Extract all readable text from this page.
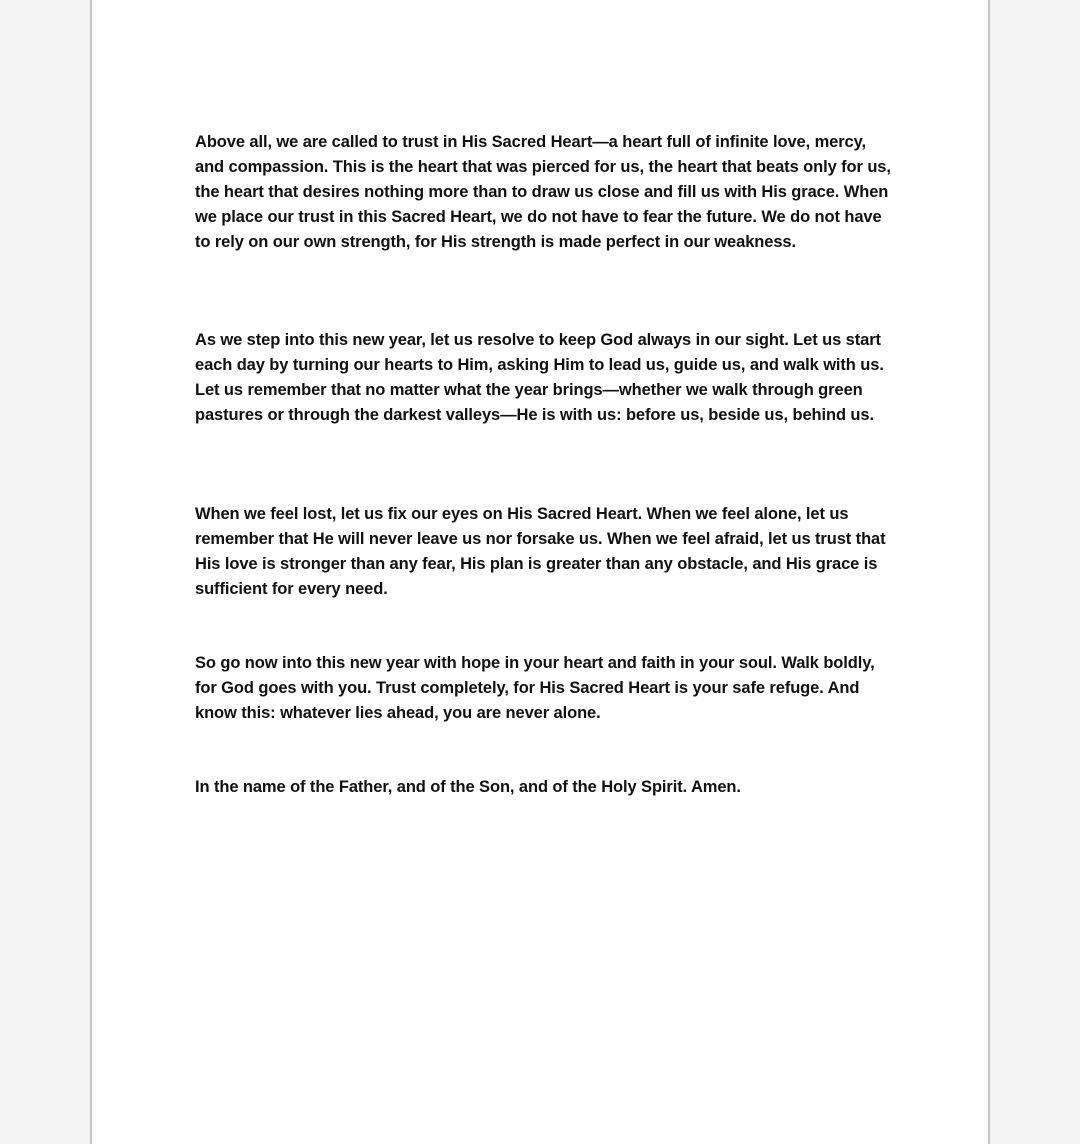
Above all, we are called to trust in His Sacred Heart—a heart full of infinite love, mercy, and compassion. This is the heart that was pierced for us, the heart that beats only for us, the heart that desires nothing more than to draw us close and fill us with His grace. When we place our trust in this Sacred Heart, we do not have to fear the future. We do not have to rely on our own strength, for His strength is made perfect in our weakness.

As we step into this new year, let us resolve to keep God always in our sight. Let us start each day by turning our hearts to Him, asking Him to lead us, guide us, and walk with us. Let us remember that no matter what the year brings—whether we walk through green pastures or through the darkest valleys—He is with us: before us, beside us, behind us.

When we feel lost, let us fix our eyes on His Sacred Heart. When we feel alone, let us remember that He will never leave us nor forsake us. When we feel afraid, let us trust that His love is stronger than any fear, His plan is greater than any obstacle, and His grace is sufficient for every need.

So go now into this new year with hope in your heart and faith in your soul. Walk boldly, for God goes with you. Trust completely, for His Sacred Heart is your safe refuge. And know this: whatever lies ahead, you are never alone.

In the name of the Father, and of the Son, and of the Holy Spirit. Amen.
